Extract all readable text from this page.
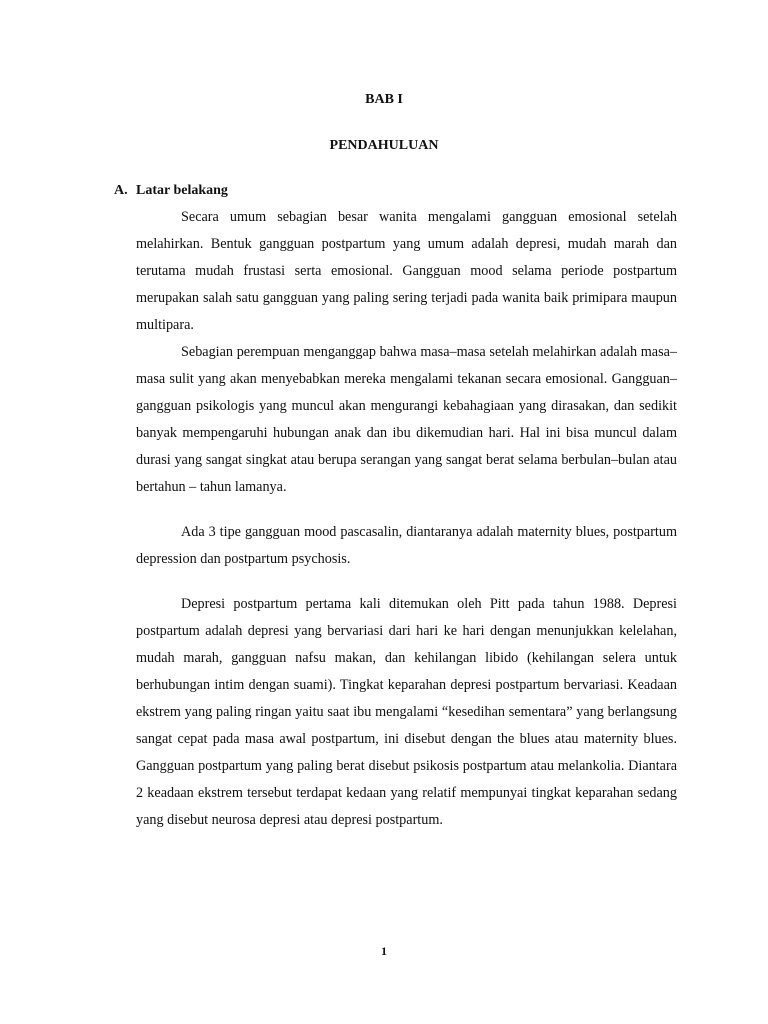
BAB I
PENDAHULUAN
A. Latar belakang

Secara umum sebagian besar wanita mengalami gangguan emosional setelah melahirkan. Bentuk gangguan postpartum yang umum adalah depresi, mudah marah dan terutama mudah frustasi serta emosional. Gangguan mood selama periode postpartum merupakan salah satu gangguan yang paling sering terjadi pada wanita baik primipara maupun multipara.

Sebagian perempuan menganggap bahwa masa–masa setelah melahirkan adalah masa–masa sulit yang akan menyebabkan mereka mengalami tekanan secara emosional. Gangguan–gangguan psikologis yang muncul akan mengurangi kebahagiaan yang dirasakan, dan sedikit banyak mempengaruhi hubungan anak dan ibu dikemudian hari. Hal ini bisa muncul dalam durasi yang sangat singkat atau berupa serangan yang sangat berat selama berbulan–bulan atau bertahun – tahun lamanya.

Ada 3 tipe gangguan mood pascasalin, diantaranya adalah maternity blues, postpartum depression dan postpartum psychosis.

Depresi postpartum pertama kali ditemukan oleh Pitt pada tahun 1988. Depresi postpartum adalah depresi yang bervariasi dari hari ke hari dengan menunjukkan kelelahan, mudah marah, gangguan nafsu makan, dan kehilangan libido (kehilangan selera untuk berhubungan intim dengan suami). Tingkat keparahan depresi postpartum bervariasi. Keadaan ekstrem yang paling ringan yaitu saat ibu mengalami “kesedihan sementara” yang berlangsung sangat cepat pada masa awal postpartum, ini disebut dengan the blues atau maternity blues. Gangguan postpartum yang paling berat disebut psikosis postpartum atau melankolia. Diantara 2 keadaan ekstrem tersebut terdapat kedaan yang relatif mempunyai tingkat keparahan sedang yang disebut neurosa depresi atau depresi postpartum.

1
